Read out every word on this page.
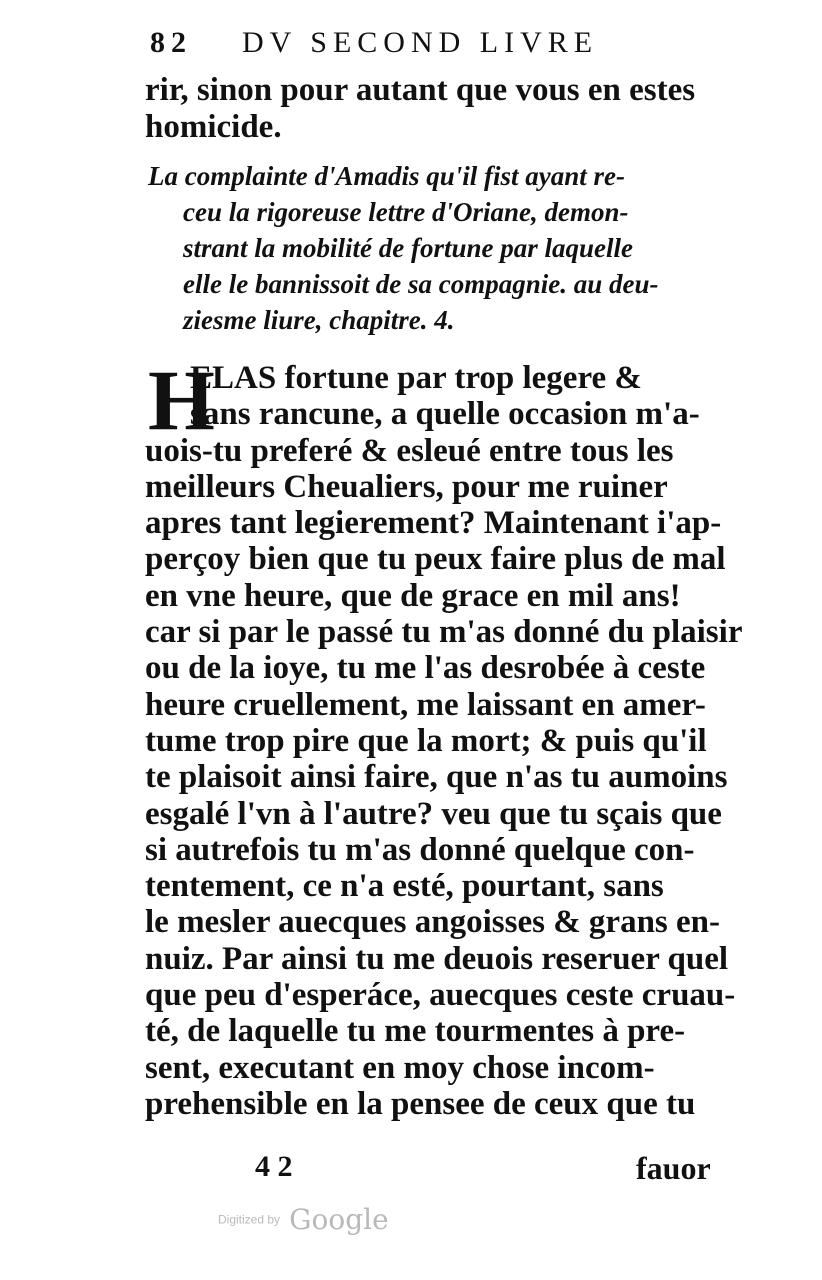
82 DV SECOND LIVRE
rir, sinon pour autant que vous en estes
homicide.
La complainte d'Amadis qu'il fist ayant re-
ceu la rigoreuse lettre d'Oriane, demon-
strant la mobilité de fortune par laquelle
elle le bannissoit de sa compagnie. au deu-
ziesme liure, chapitre. 4.
H
ELAS fortune par trop legere &
sans rancune, a quelle occasion m'a-
uois-tu preferé & esleué entre tous les
meilleurs Cheualiers, pour me ruiner
apres tant legierement? Maintenant i'ap-
perçoy bien que tu peux faire plus de mal
en vne heure, que de grace en mil ans!
car si par le passé tu m'as donné du plaisir
ou de la ioye, tu me l'as desrobée à ceste
heure cruellement, me laissant en amer-
tume trop pire que la mort; & puis qu'il
te plaisoit ainsi faire, que n'as tu aumoins
esgalé l'vn à l'autre? veu que tu sçais que
si autrefois tu m'as donné quelque con-
tentement, ce n'a esté, pourtant, sans
le mesler auecques angoisses & grans en-
nuiz. Par ainsi tu me deuois reseruer quel
que peu d'esperáce, auecques ceste cruau-
té, de laquelle tu me tourmentes à pre-
sent, executant en moy chose incom-
prehensible en la pensee de ceux que tu
4 2	fauor
Digitized by Google
